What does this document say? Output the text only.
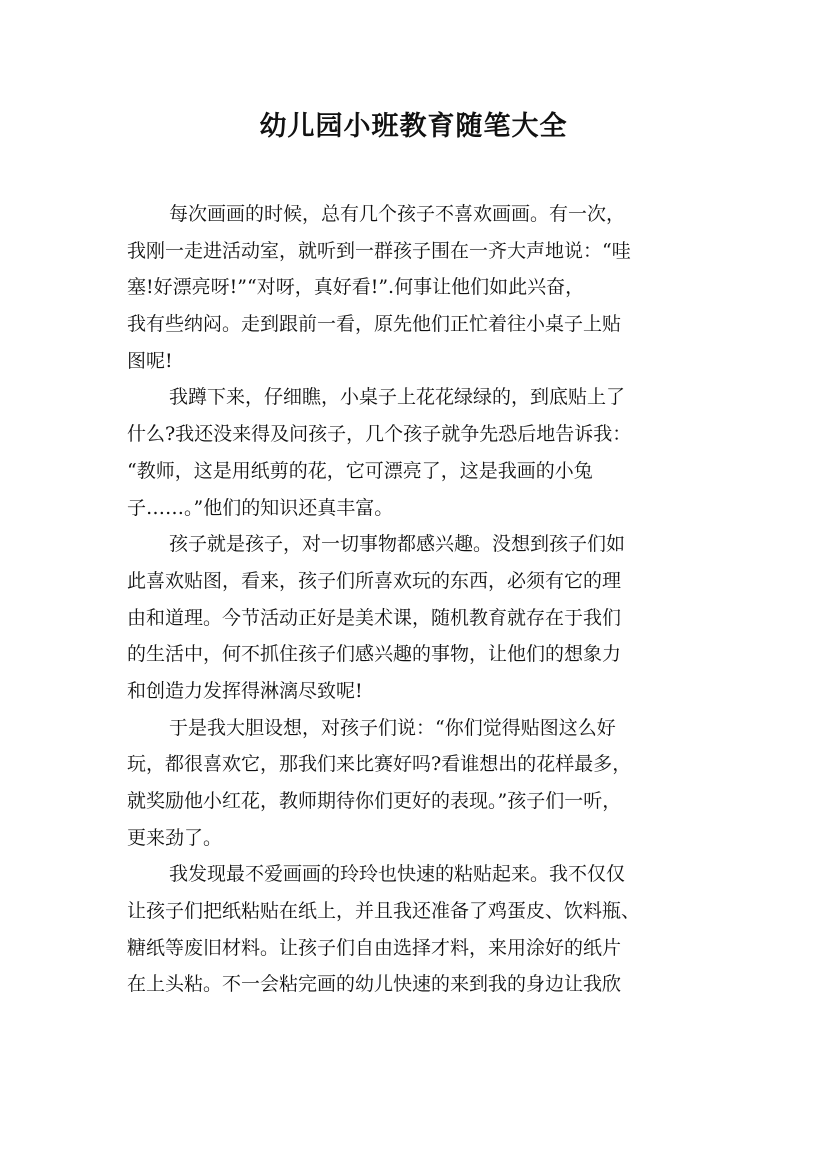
幼儿园小班教育随笔大全
每次画画的时候，总有几个孩子不喜欢画画。有一次，
我刚一走进活动室，就听到一群孩子围在一齐大声地说：“哇
塞!好漂亮呀!”“对呀，真好看!”.何事让他们如此兴奋，
我有些纳闷。走到跟前一看，原先他们正忙着往小桌子上贴
图呢!
我蹲下来，仔细瞧，小桌子上花花绿绿的，到底贴上了
什么?我还没来得及问孩子，几个孩子就争先恐后地告诉我：
“教师，这是用纸剪的花，它可漂亮了，这是我画的小兔
子……。”他们的知识还真丰富。
孩子就是孩子，对一切事物都感兴趣。没想到孩子们如
此喜欢贴图，看来，孩子们所喜欢玩的东西，必须有它的理
由和道理。今节活动正好是美术课，随机教育就存在于我们
的生活中，何不抓住孩子们感兴趣的事物，让他们的想象力
和创造力发挥得淋漓尽致呢!
于是我大胆设想，对孩子们说：“你们觉得贴图这么好
玩，都很喜欢它，那我们来比赛好吗?看谁想出的花样最多，
就奖励他小红花，教师期待你们更好的表现。”孩子们一听，
更来劲了。
我发现最不爱画画的玲玲也快速的粘贴起来。我不仅仅
让孩子们把纸粘贴在纸上，并且我还准备了鸡蛋皮、饮料瓶、
糖纸等废旧材料。让孩子们自由选择才料，来用涂好的纸片
在上头粘。不一会粘完画的幼儿快速的来到我的身边让我欣
